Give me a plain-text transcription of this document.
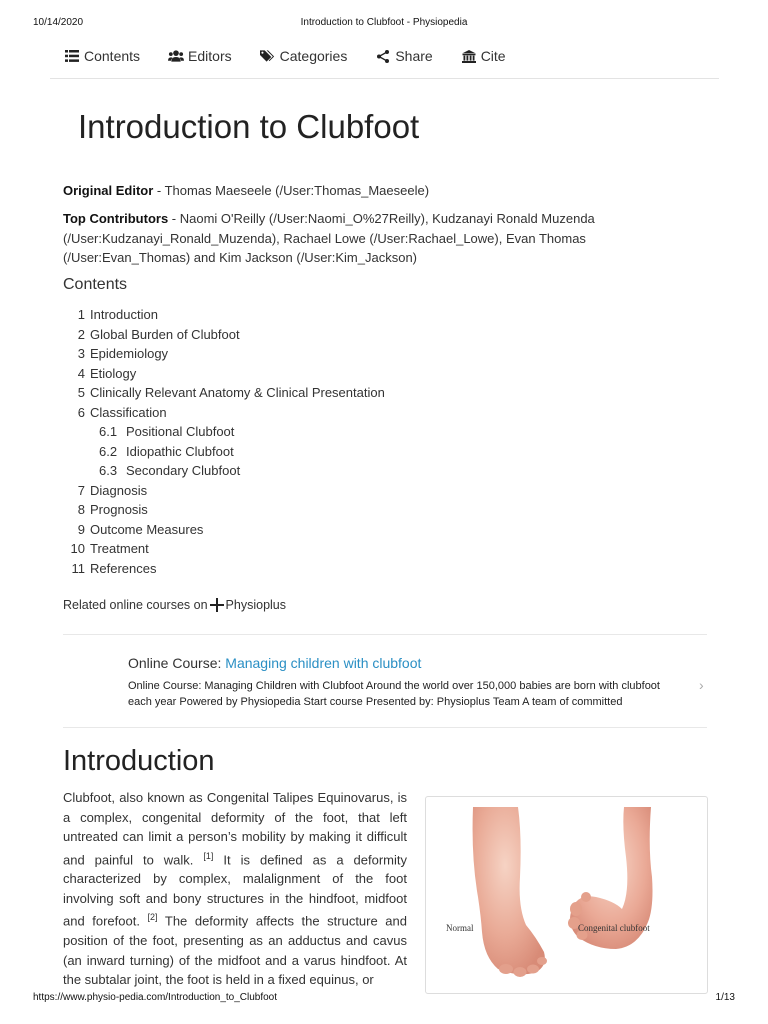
10/14/2020	Introduction to Clubfoot - Physiopedia
Contents	Editors	Categories	Share	Cite
Introduction to Clubfoot
Original Editor - Thomas Maeseele (/User:Thomas_Maeseele)
Top Contributors - Naomi O'Reilly (/User:Naomi_O%27Reilly), Kudzanayi Ronald Muzenda (/User:Kudzanayi_Ronald_Muzenda), Rachael Lowe (/User:Rachael_Lowe), Evan Thomas (/User:Evan_Thomas) and Kim Jackson (/User:Kim_Jackson)
Contents
1 Introduction
2 Global Burden of Clubfoot
3 Epidemiology
4 Etiology
5 Clinically Relevant Anatomy & Clinical Presentation
6 Classification
6.1 Positional Clubfoot
6.2 Idiopathic Clubfoot
6.3 Secondary Clubfoot
7 Diagnosis
8 Prognosis
9 Outcome Measures
10 Treatment
11 References
Related online courses on Physioplus
Online Course: Managing children with clubfoot
Online Course: Managing Children with Clubfoot Around the world over 150,000 babies are born with clubfoot each year Powered by Physiopedia Start course Presented by: Physioplus Team A team of committed
›
Introduction
Clubfoot, also known as Congenital Talipes Equinovarus, is a complex, congenital deformity of the foot, that left untreated can limit a person’s mobility by making it difficult and painful to walk. [1] It is defined as a deformity characterized by complex, malalignment of the foot involving soft and bony structures in the hindfoot, midfoot and forefoot. [2] The deformity affects the structure and position of the foot, presenting as an adductus and cavus (an inward turning) of the midfoot and a varus hindfoot. At the subtalar joint, the foot is held in a fixed equinus, or
Normal	Congenital clubfoot
https://www.physio-pedia.com/Introduction_to_Clubfoot	1/13
